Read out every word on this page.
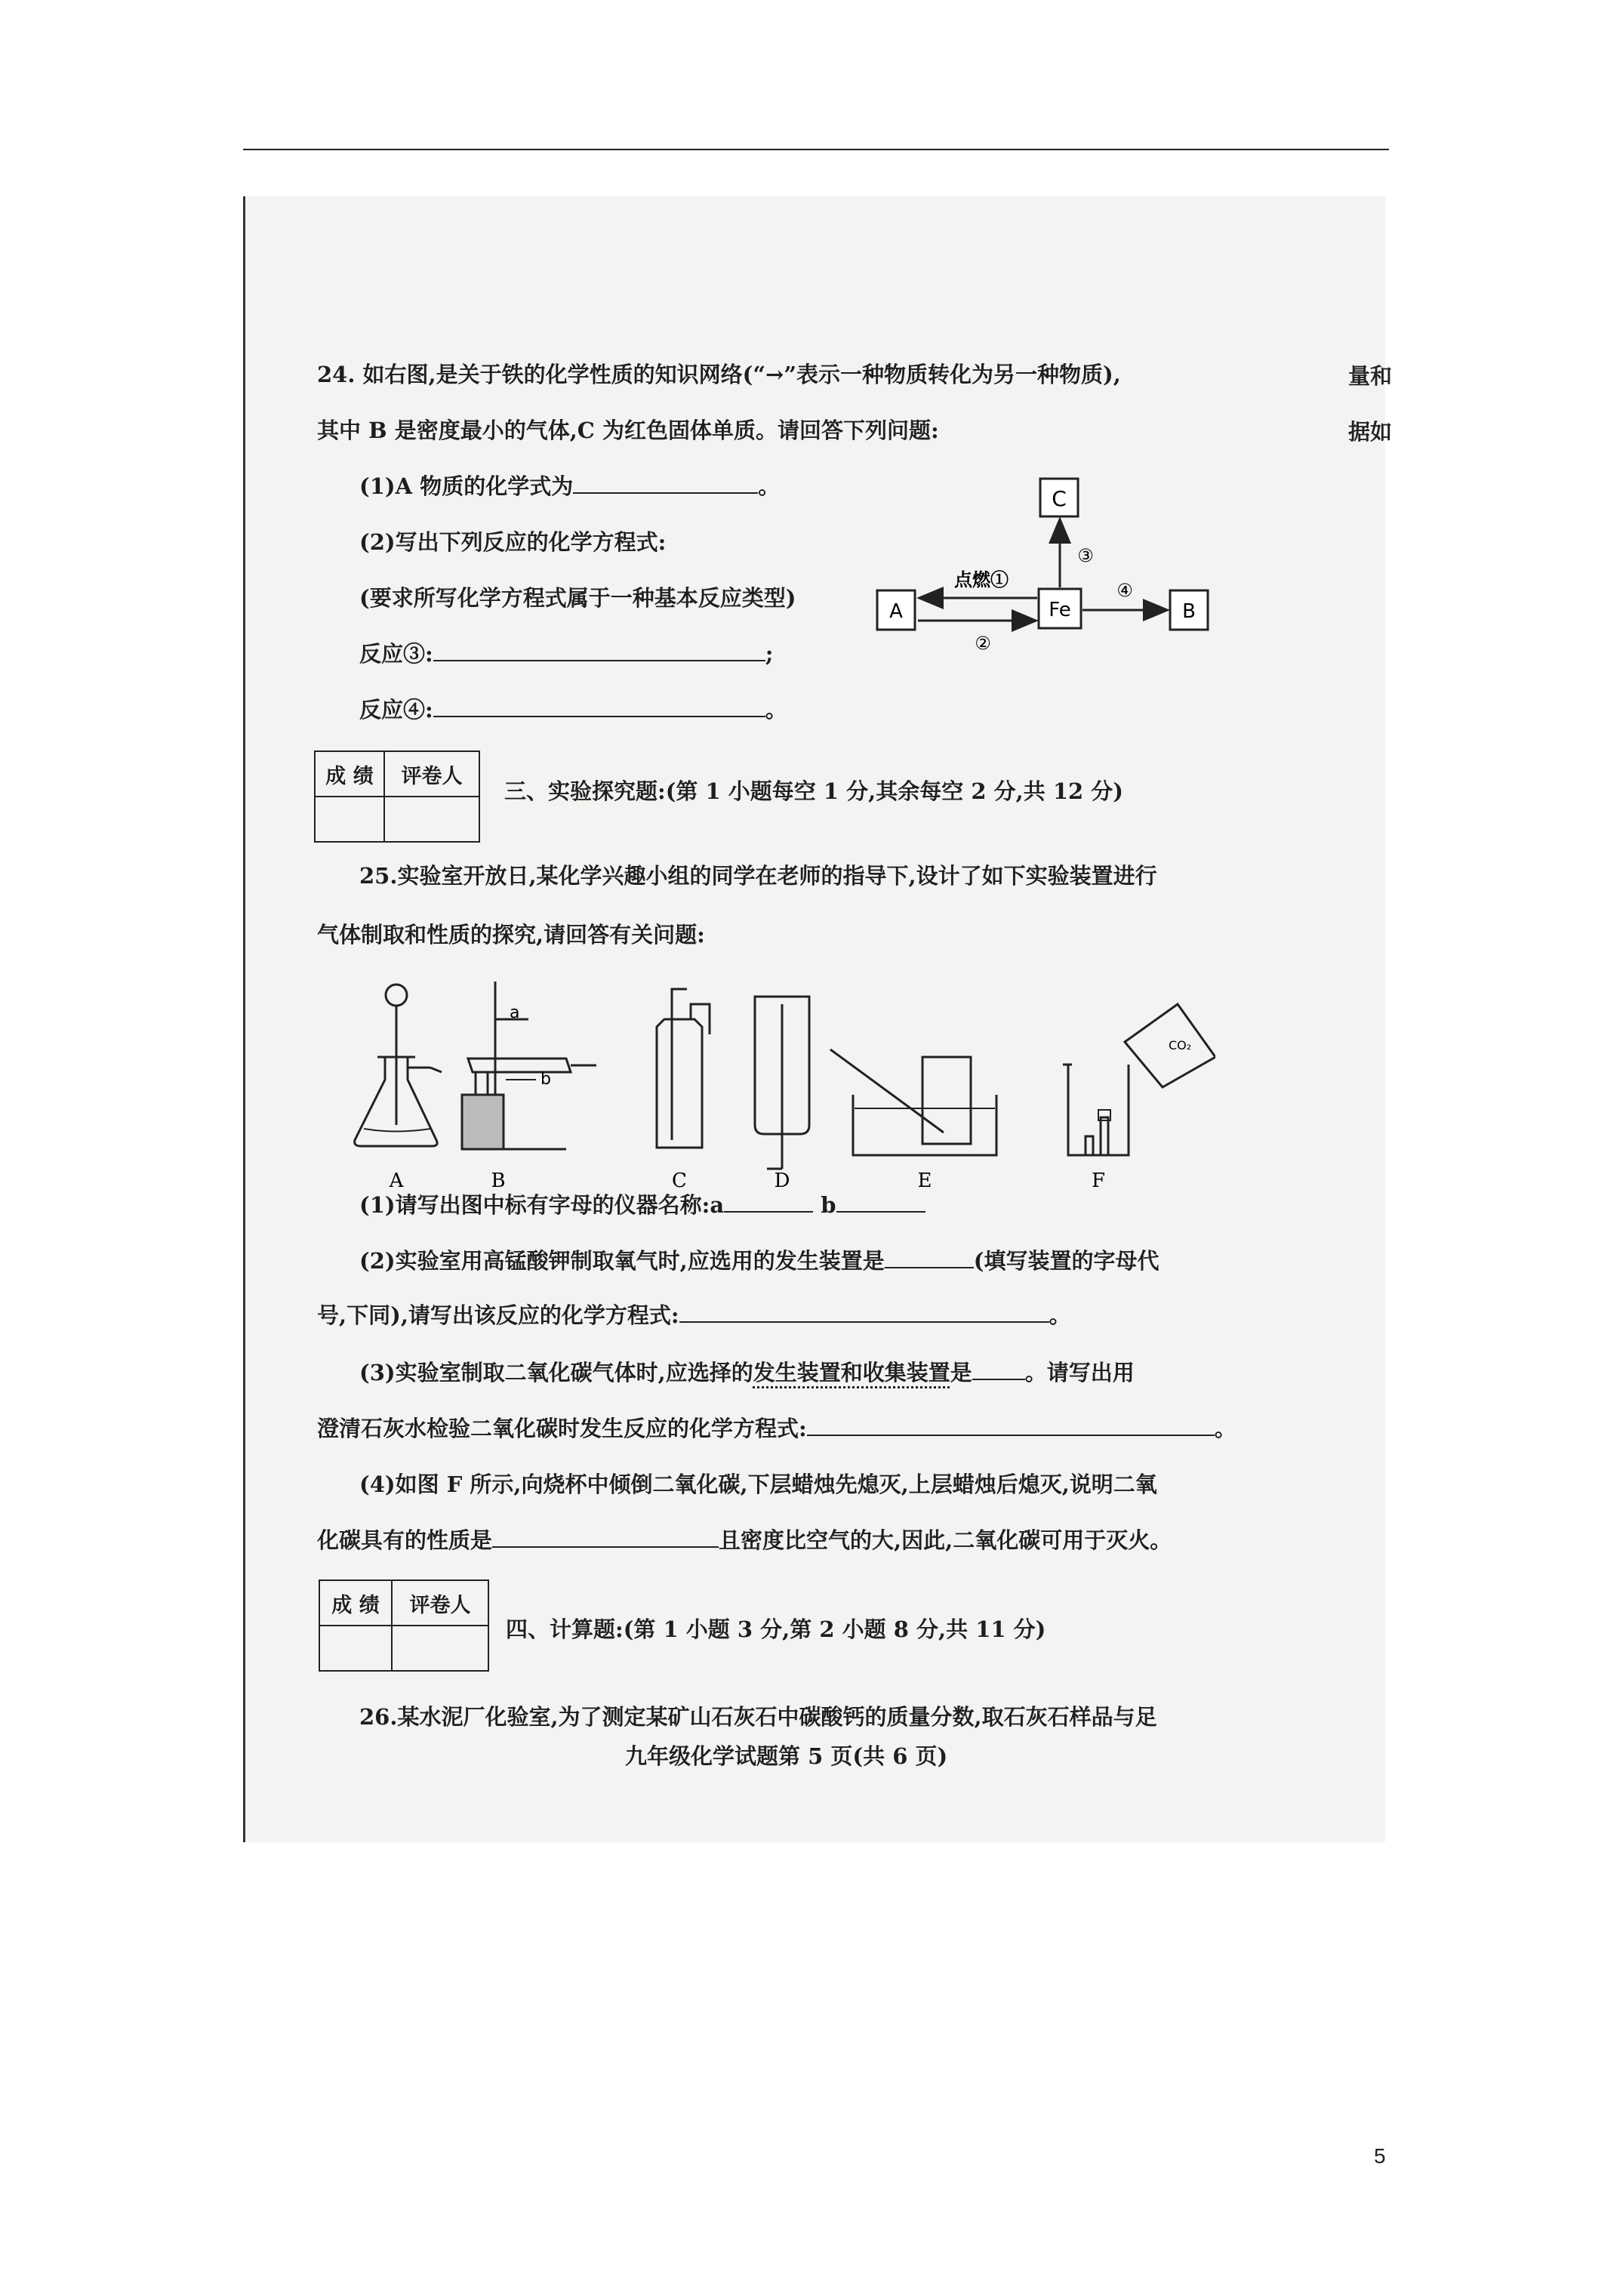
量和
据如
24. 如右图,是关于铁的化学性质的知识网络(“→”表示一种物质转化为另一种物质),
其中 B 是密度最小的气体,C 为红色固体单质。请回答下列问题:
(1)A 物质的化学式为	。
(2)写出下列反应的化学方程式:
(要求所写化学方程式属于一种基本反应类型)
反应③:	;
反应④:	。
C
Fe
A	B
③
点燃①
②
④
成 绩	评卷人

三、实验探究题:(第 1 小题每空 1 分,其余每空 2 分,共 12 分)
25.实验室开放日,某化学兴趣小组的同学在老师的指导下,设计了如下实验装置进行
气体制取和性质的探究,请回答有关问题:
a
b
CO₂
A	B	C	D	E	F
(1)请写出图中标有字母的仪器名称:a	b
(2)实验室用高锰酸钾制取氧气时,应选用的发生装置是	(填写装置的字母代
号,下同),请写出该反应的化学方程式:	。
(3)实验室制取二氧化碳气体时,应选择的发生装置和收集装置是 。请写出用
澄清石灰水检验二氧化碳时发生反应的化学方程式:	。
(4)如图 F 所示,向烧杯中倾倒二氧化碳,下层蜡烛先熄灭,上层蜡烛后熄灭,说明二氧
化碳具有的性质是	且密度比空气的大,因此,二氧化碳可用于灭火。
成 绩	评卷人

四、计算题:(第 1 小题 3 分,第 2 小题 8 分,共 11 分)
26.某水泥厂化验室,为了测定某矿山石灰石中碳酸钙的质量分数,取石灰石样品与足
九年级化学试题第 5 页(共 6 页)
5
